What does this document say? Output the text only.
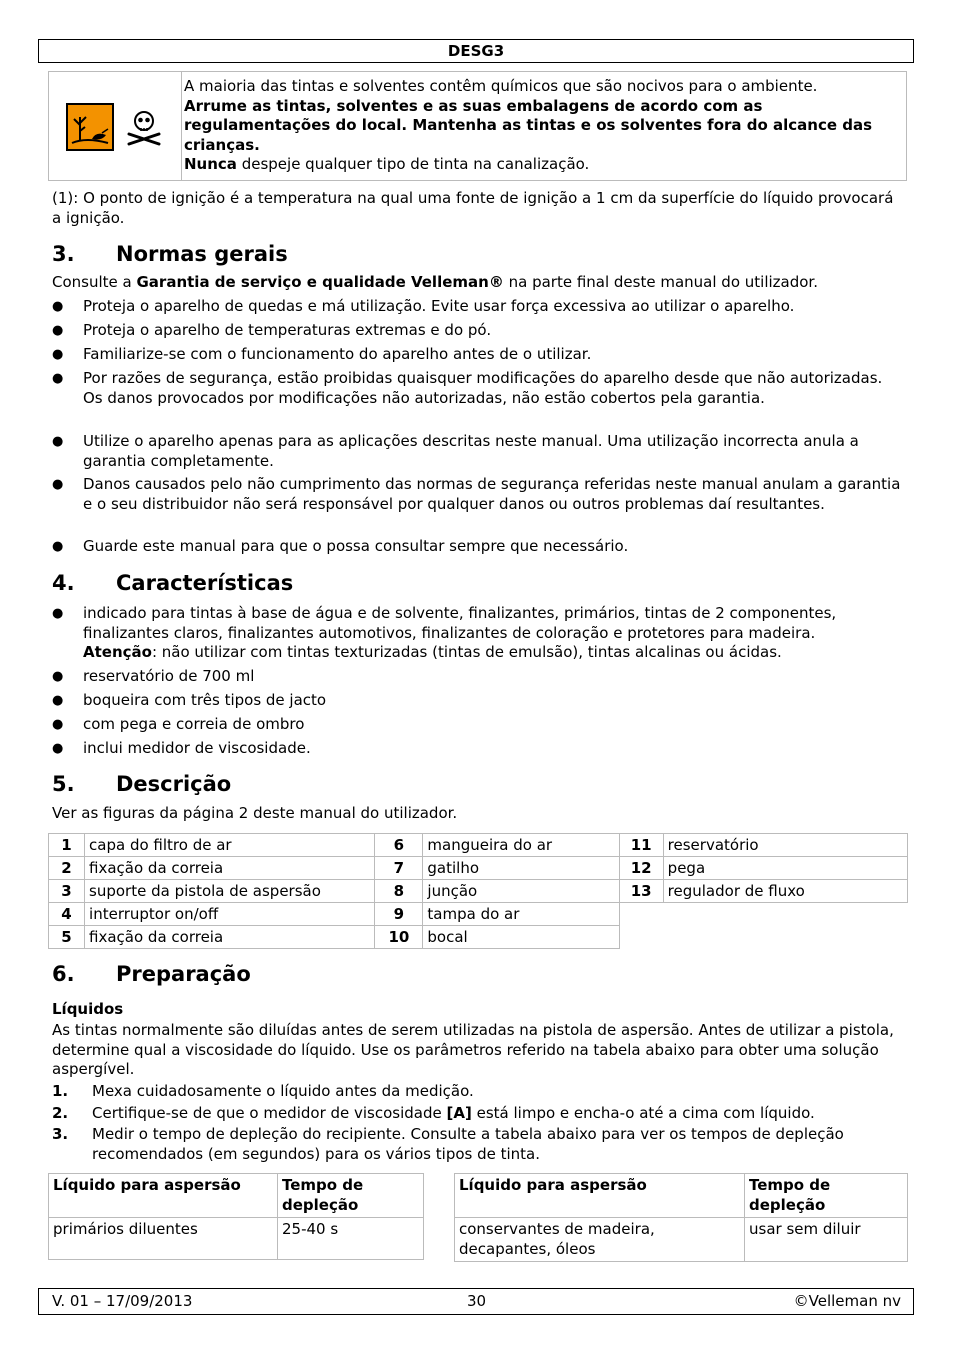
DESG3

A maioria das tintas e solventes contêm químicos que são nocivos para o ambiente.

Arrume as tintas, solventes e as suas embalagens de acordo com as regulamentações do local. Mantenha as tintas e os solventes fora do alcance das crianças.

Nunca despeje qualquer tipo de tinta na canalização.

(1): O ponto de ignição é a temperatura na qual uma fonte de ignição a 1 cm da superfície do líquido provocará a ignição.

3. Normas gerais

Consulte a Garantia de serviço e qualidade Velleman® na parte final deste manual do utilizador.

● Proteja o aparelho de quedas e má utilização. Evite usar força excessiva ao utilizar o aparelho.
● Proteja o aparelho de temperaturas extremas e do pó.
● Familiarize-se com o funcionamento do aparelho antes de o utilizar.
● Por razões de segurança, estão proibidas quaisquer modificações do aparelho desde que não autorizadas. Os danos provocados por modificações não autorizadas, não estão cobertos pela garantia.
● Utilize o aparelho apenas para as aplicações descritas neste manual. Uma utilização incorrecta anula a garantia completamente.
● Danos causados pelo não cumprimento das normas de segurança referidas neste manual anulam a garantia e o seu distribuidor não será responsável por qualquer danos ou outros problemas daí resultantes.
● Guarde este manual para que o possa consultar sempre que necessário.
4. Características
● indicado para tintas à base de água e de solvente, finalizantes, primários, tintas de 2 componentes, finalizantes claros, finalizantes automotivos, finalizantes de coloração e protetores para madeira.
Atenção: não utilizar com tintas texturizadas (tintas de emulsão), tintas alcalinas ou ácidas.
● reservatório de 700 ml
● boqueira com três tipos de jacto
● com pega e correia de ombro
● inclui medidor de viscosidade.
5. Descrição

Ver as figuras da página 2 deste manual do utilizador.

1	capa do filtro de ar	6	mangueira do ar	11	reservatório
2	fixação da correia	7	gatilho	12	pega
3	suporte da pistola de aspersão	8	junção	13	regulador de fluxo
4	interruptor on/off	9	tampa do ar		
5	fixação da correia	10	bocal		
6. Preparação

Líquidos

As tintas normalmente são diluídas antes de serem utilizadas na pistola de aspersão. Antes de utilizar a pistola, determine qual a viscosidade do líquido. Use os parâmetros referido na tabela abaixo para obter uma solução aspergível.

1. Mexa cuidadosamente o líquido antes da medição.
2. Certifique-se de que o medidor de viscosidade [A] está limpo e encha-o até a cima com líquido.
3. Medir o tempo de depleção do recipiente. Consulte a tabela abaixo para ver os tempos de depleção recomendados (em segundos) para os vários tipos de tinta.
Líquido para aspersão	Tempo de depleção
primários diluentes	25-40 s
Líquido para aspersão	Tempo de depleção
conservantes de madeira, decapantes, óleos	usar sem diluir
V. 01 – 17/09/2013	30	©Velleman nv
